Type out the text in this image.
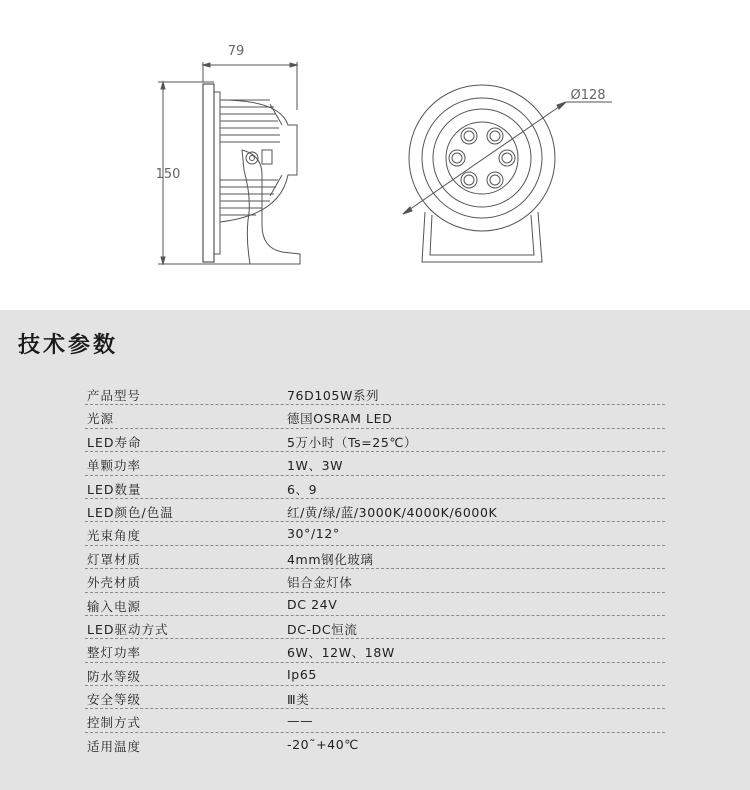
79
150
Ø128
技术参数
产品型号	76D105W系列
光源	德国OSRAM LED
LED寿命	5万小时（Ts=25℃）
单颗功率	1W、3W
LED数量	6、9
LED颜色/色温	红/黄/绿/蓝/3000K/4000K/6000K
光束角度	30°/12°
灯罩材质	4mm钢化玻璃
外壳材质	铝合金灯体
输入电源	DC 24V
LED驱动方式	DC-DC恒流
整灯功率	6W、12W、18W
防水等级	Ip65
安全等级	Ⅲ类
控制方式	——
适用温度	-20˜+40℃
